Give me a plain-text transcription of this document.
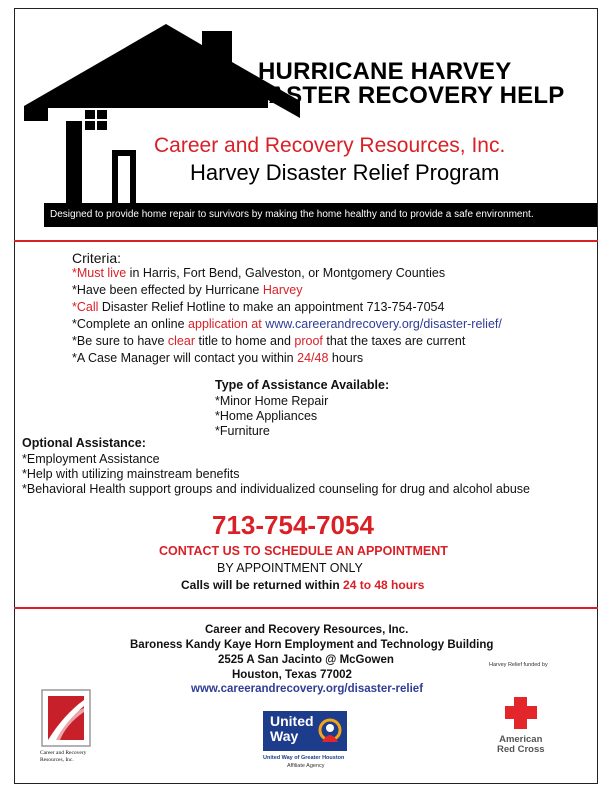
HURRICANE HARVEY
DISASTER RECOVERY HELP
Career and Recovery Resources, Inc.
Harvey Disaster Relief Program
Designed to provide home repair to survivors by making the home healthy and to provide a safe environment.
Criteria:
*Must live in Harris, Fort Bend, Galveston, or Montgomery Counties
*Have been effected by Hurricane Harvey
*Call Disaster Relief Hotline to make an appointment 713-754-7054
*Complete an online application at www.careerandrecovery.org/disaster-relief/
*Be sure to have clear title to home and proof that the taxes are current
*A Case Manager will contact you within 24/48 hours
Type of Assistance Available:
*Minor Home Repair
*Home Appliances
*Furniture
Optional Assistance:
*Employment Assistance
*Help with utilizing mainstream benefits
*Behavioral Health support groups and individualized counseling for drug and alcohol abuse
713-754-7054
CONTACT US TO SCHEDULE AN APPOINTMENT
BY APPOINTMENT ONLY
Calls will be returned within 24 to 48 hours
Career and Recovery Resources, Inc.
Baroness Kandy Kaye Horn Employment and Technology Building
2525 A San Jacinto @ McGowen
Houston, Texas 77002
www.careerandrecovery.org/disaster-relief
Harvey Relief funded by
Career and Recovery
Resources, Inc.
United
Way
United Way of Greater Houston
Affiliate Agency
American
Red Cross
